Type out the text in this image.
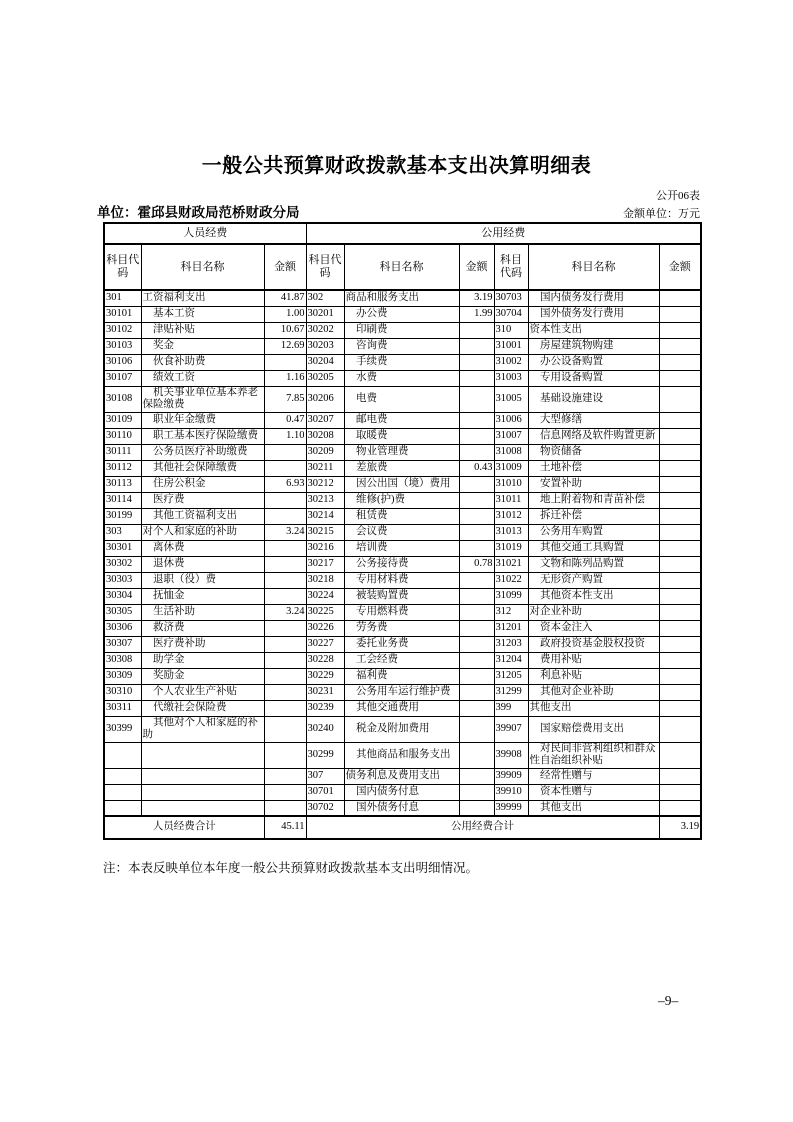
一般公共预算财政拨款基本支出决算明细表
公开06表
单位：霍邱县财政局范桥财政分局	金额单位：万元
人员经费			公用经费					
科目代码	科目名称	金额	科目代码	科目名称	金额	科目代码	科目名称	金额
301	工资福利支出	41.87	302	商品和服务支出	3.19	30703	　国内债务发行费用	
30101	　基本工资	1.00	30201	　办公费	1.99	30704	　国外债务发行费用	
30102	　津贴补贴	10.67	30202	　印刷费		310	资本性支出	
30103	　奖金	12.69	30203	　咨询费		31001	　房屋建筑物购建	
30106	　伙食补助费		30204	　手续费		31002	　办公设备购置	
30107	　绩效工资	1.16	30205	　水费		31003	　专用设备购置	
30108	　机关事业单位基本养老保险缴费	7.85	30206	　电费		31005	　基础设施建设	
30109	　职业年金缴费	0.47	30207	　邮电费		31006	　大型修缮	
30110	　职工基本医疗保险缴费	1.10	30208	　取暖费		31007	　信息网络及软件购置更新	
30111	　公务员医疗补助缴费		30209	　物业管理费		31008	　物资储备	
30112	　其他社会保障缴费		30211	　差旅费	0.43	31009	　土地补偿	
30113	　住房公积金	6.93	30212	　因公出国（境）费用		31010	　安置补助	
30114	　医疗费		30213	　维修(护)费		31011	　地上附着物和青苗补偿	
30199	　其他工资福利支出		30214	　租赁费		31012	　拆迁补偿	
303	对个人和家庭的补助	3.24	30215	　会议费		31013	　公务用车购置	
30301	　离休费		30216	　培训费		31019	　其他交通工具购置	
30302	　退休费		30217	　公务接待费	0.78	31021	　文物和陈列品购置	
30303	　退职（役）费		30218	　专用材料费		31022	　无形资产购置	
30304	　抚恤金		30224	　被装购置费		31099	　其他资本性支出	
30305	　生活补助	3.24	30225	　专用燃料费		312	对企业补助	
30306	　救济费		30226	　劳务费		31201	　资本金注入	
30307	　医疗费补助		30227	　委托业务费		31203	　政府投资基金股权投资	
30308	　助学金		30228	　工会经费		31204	　费用补贴	
30309	　奖励金		30229	　福利费		31205	　利息补贴	
30310	　个人农业生产补贴		30231	　公务用车运行维护费		31299	　其他对企业补助	
30311	　代缴社会保险费		30239	　其他交通费用		399	其他支出	
30399	　其他对个人和家庭的补助		30240	　税金及附加费用		39907	　国家赔偿费用支出	
			30299	　其他商品和服务支出		39908	　对民间非营利组织和群众性自治组织补贴	
			307	债务利息及费用支出		39909	　经常性赠与	
			30701	　国内债务付息		39910	　资本性赠与	
			30702	　国外债务付息		39999	　其他支出	
人员经费合计		45.11	公用经费合计					3.19
注：本表反映单位本年度一般公共预算财政拨款基本支出明细情况。
–9–
